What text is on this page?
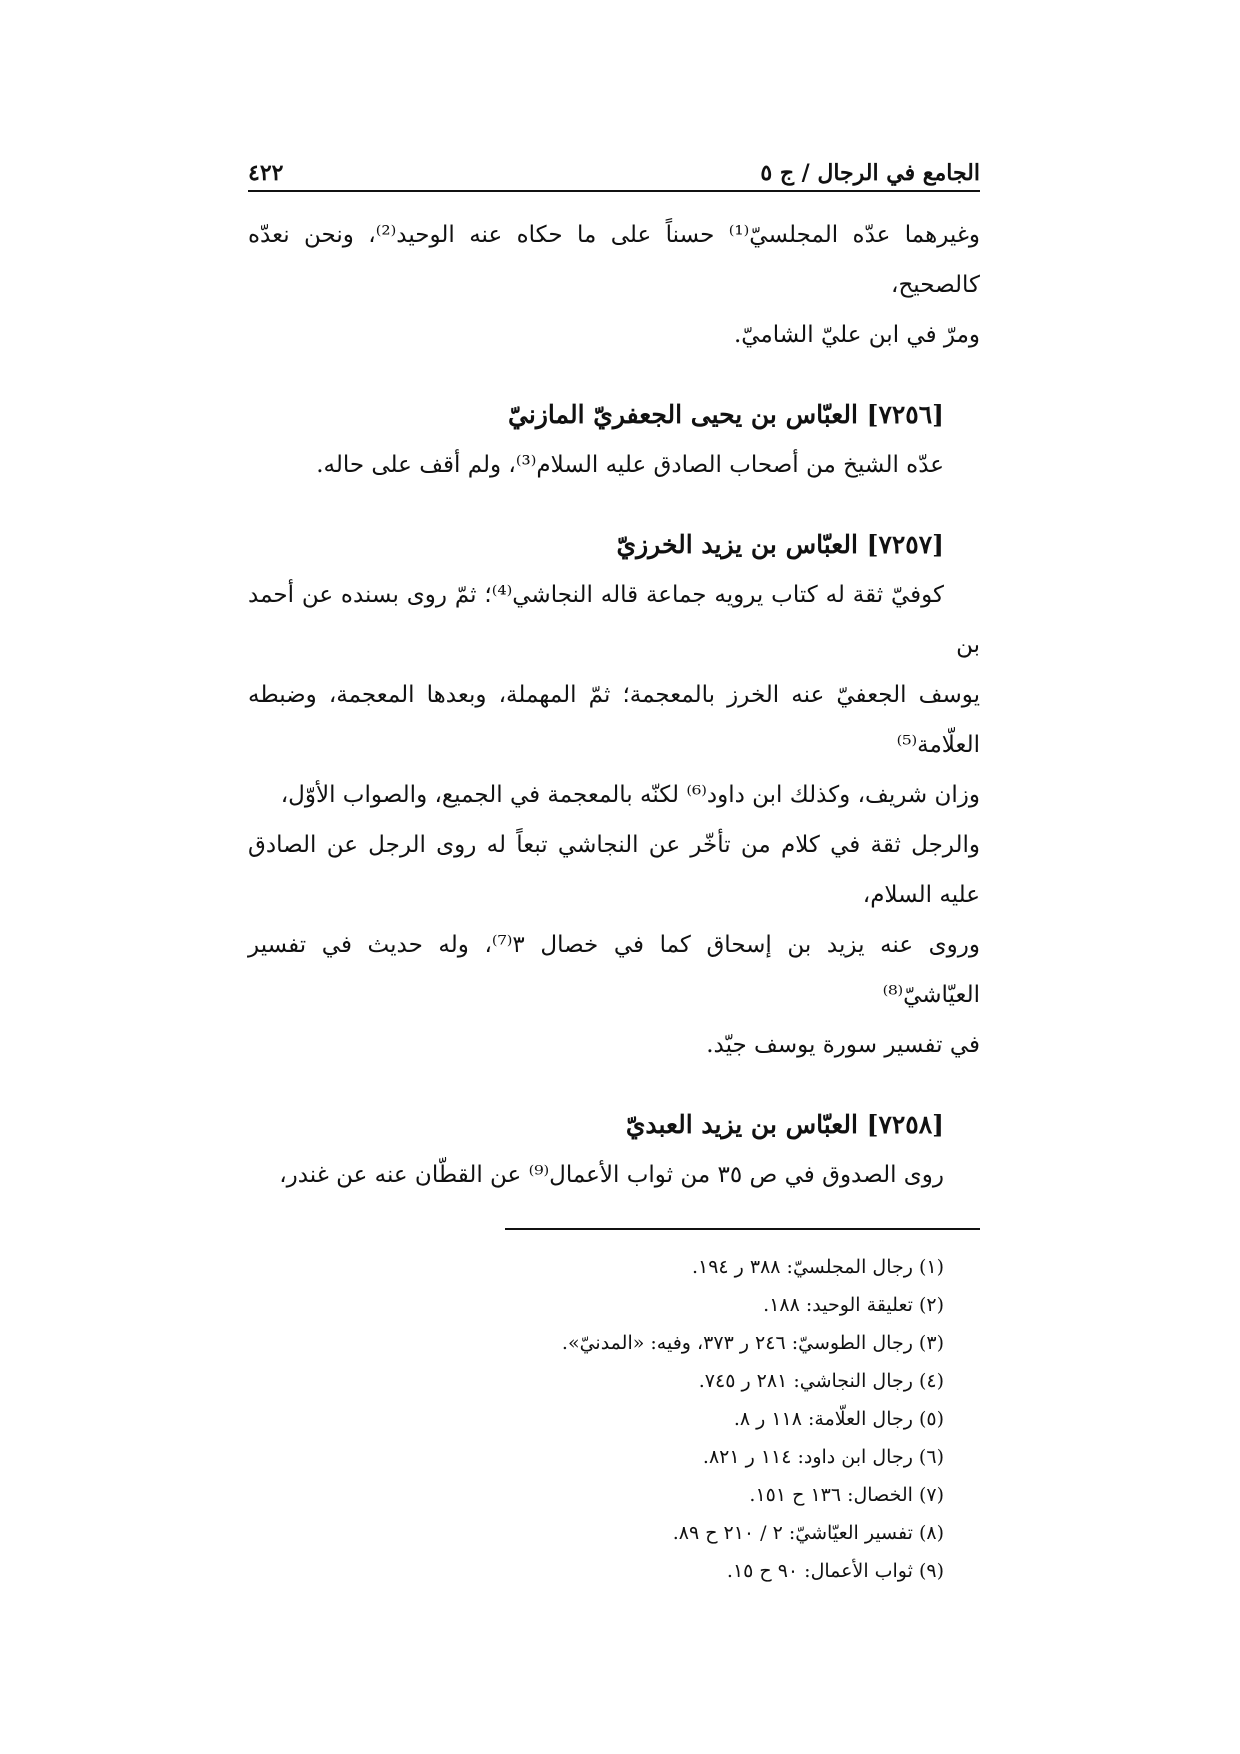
الجامع في الرجال / ج ٥
٤٢٢

وغيرهما عدّه المجلسيّ⁽¹⁾ حسناً على ما حكاه عنه الوحيد⁽²⁾، ونحن نعدّه كالصحيح،

ومرّ في ابن عليّ الشاميّ.

[٧٢٥٦] العبّاس بن يحيى الجعفريّ المازنيّ

عدّه الشيخ من أصحاب الصادق عليه السلام⁽³⁾، ولم أقف على حاله.

[٧٢٥٧] العبّاس بن يزيد الخرزيّ

كوفيّ ثقة له كتاب يرويه جماعة قاله النجاشي⁽⁴⁾؛ ثمّ روى بسنده عن أحمد بن

يوسف الجعفيّ عنه الخرز بالمعجمة؛ ثمّ المهملة، وبعدها المعجمة، وضبطه العلّامة⁽⁵⁾

وزان شريف، وكذلك ابن داود⁽⁶⁾ لكنّه بالمعجمة في الجميع، والصواب الأوّل،

والرجل ثقة في كلام من تأخّر عن النجاشي تبعاً له روى الرجل عن الصادق عليه السلام،

وروى عنه يزيد بن إسحاق كما في خصال ٣⁽⁷⁾، وله حديث في تفسير العيّاشيّ⁽⁸⁾

في تفسير سورة يوسف جيّد.

[٧٢٥٨] العبّاس بن يزيد العبديّ

روى الصدوق في ص ٣٥ من ثواب الأعمال⁽⁹⁾ عن القطّان عنه عن غندر،

(١) رجال المجلسيّ: ٣٨٨ ر ١٩٤.

(٢) تعليقة الوحيد: ١٨٨.

(٣) رجال الطوسيّ: ٢٤٦ ر ٣٧٣، وفيه: «المدنيّ».

(٤) رجال النجاشي: ٢٨١ ر ٧٤٥.

(٥) رجال العلّامة: ١١٨ ر ٨.

(٦) رجال ابن داود: ١١٤ ر ٨٢١.

(٧) الخصال: ١٣٦ ح ١٥١.

(٨) تفسير العيّاشيّ: ٢ / ٢١٠ ح ٨٩.

(٩) ثواب الأعمال: ٩٠ ح ١٥.
